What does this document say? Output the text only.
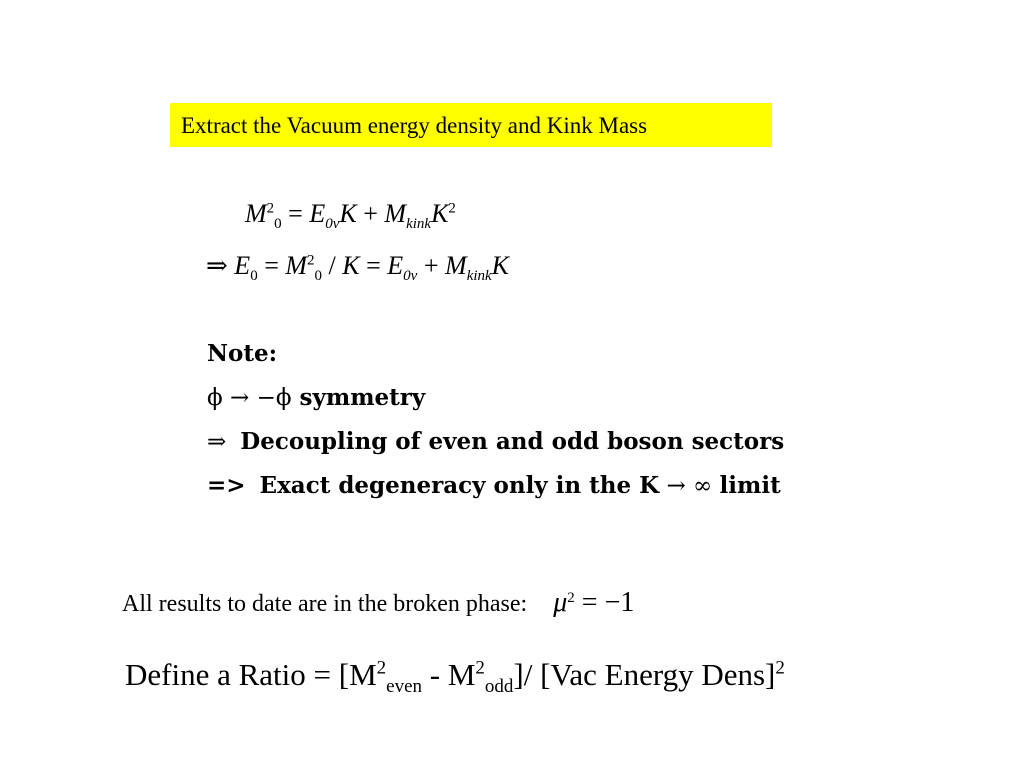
Extract the Vacuum energy density and Kink Mass
$M^2_0 = E_{0v}K + M_{kink}K^2$
⇒ $E_0 = M^2_0 / K = E_{0v} + M_{kink}K$
Note:
ϕ → −ϕ symmetry
⇒ Decoupling of even and odd boson sectors
=> Exact degeneracy only in the K → ∞ limit
All results to date are in the broken phase: $\mu^2 = -1$
Define a Ratio = $[M^2_{even} - M^2_{odd}]/$ [Vac Energy Dens]$^2$
